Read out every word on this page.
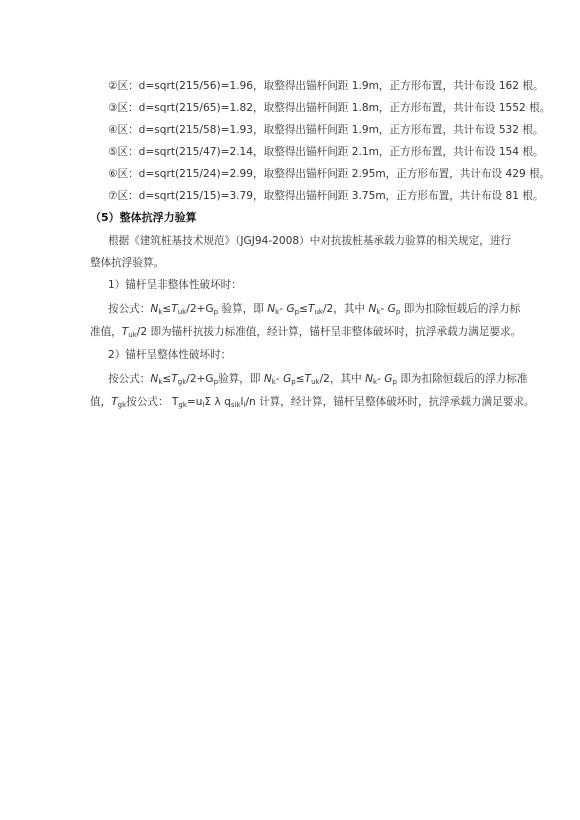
②区：d=sqrt(215/56)=1.96，取整得出锚杆间距 1.9m，正方形布置，共计布设 162 根。
③区：d=sqrt(215/65)=1.82，取整得出锚杆间距 1.8m，正方形布置，共计布设 1552 根。
④区：d=sqrt(215/58)=1.93，取整得出锚杆间距 1.9m，正方形布置，共计布设 532 根。
⑤区：d=sqrt(215/47)=2.14，取整得出锚杆间距 2.1m，正方形布置，共计布设 154 根。
⑥区：d=sqrt(215/24)=2.99，取整得出锚杆间距 2.95m，正方形布置，共计布设 429 根。
⑦区：d=sqrt(215/15)=3.79，取整得出锚杆间距 3.75m，正方形布置，共计布设 81 根。
（5）整体抗浮力验算
根据《建筑桩基技术规范》（JGJ94-2008）中对抗拔桩基承载力验算的相关规定，进行
整体抗浮验算。
1）锚杆呈非整体性破坏时：
按公式：$N_k\le T_{uk}/2+G_p$ 验算，即 $N_k-$ $G_p\le T_{uk}/2$，其中 $N_k-$ $G_p$ 即为扣除恒载后的浮力标
准值，$T_{uk}/2$ 即为锚杆抗拔力标准值，经计算，锚杆呈非整体破坏时，抗浮承载力满足要求。
2）锚杆呈整体性破坏时：
按公式：$N_k\le T_{gk}/2+G_p$验算，即 $N_k-$ $G_p\le T_{uk}/2$，其中 $N_k-$ $G_p$ 即为扣除恒载后的浮力标准
值，$T_{gk}$按公式： $T_{gk}=u_l\Sigma$ λ $q_{sik}l_i/n$ 计算，经计算，锚杆呈整体破坏时，抗浮承载力满足要求。
